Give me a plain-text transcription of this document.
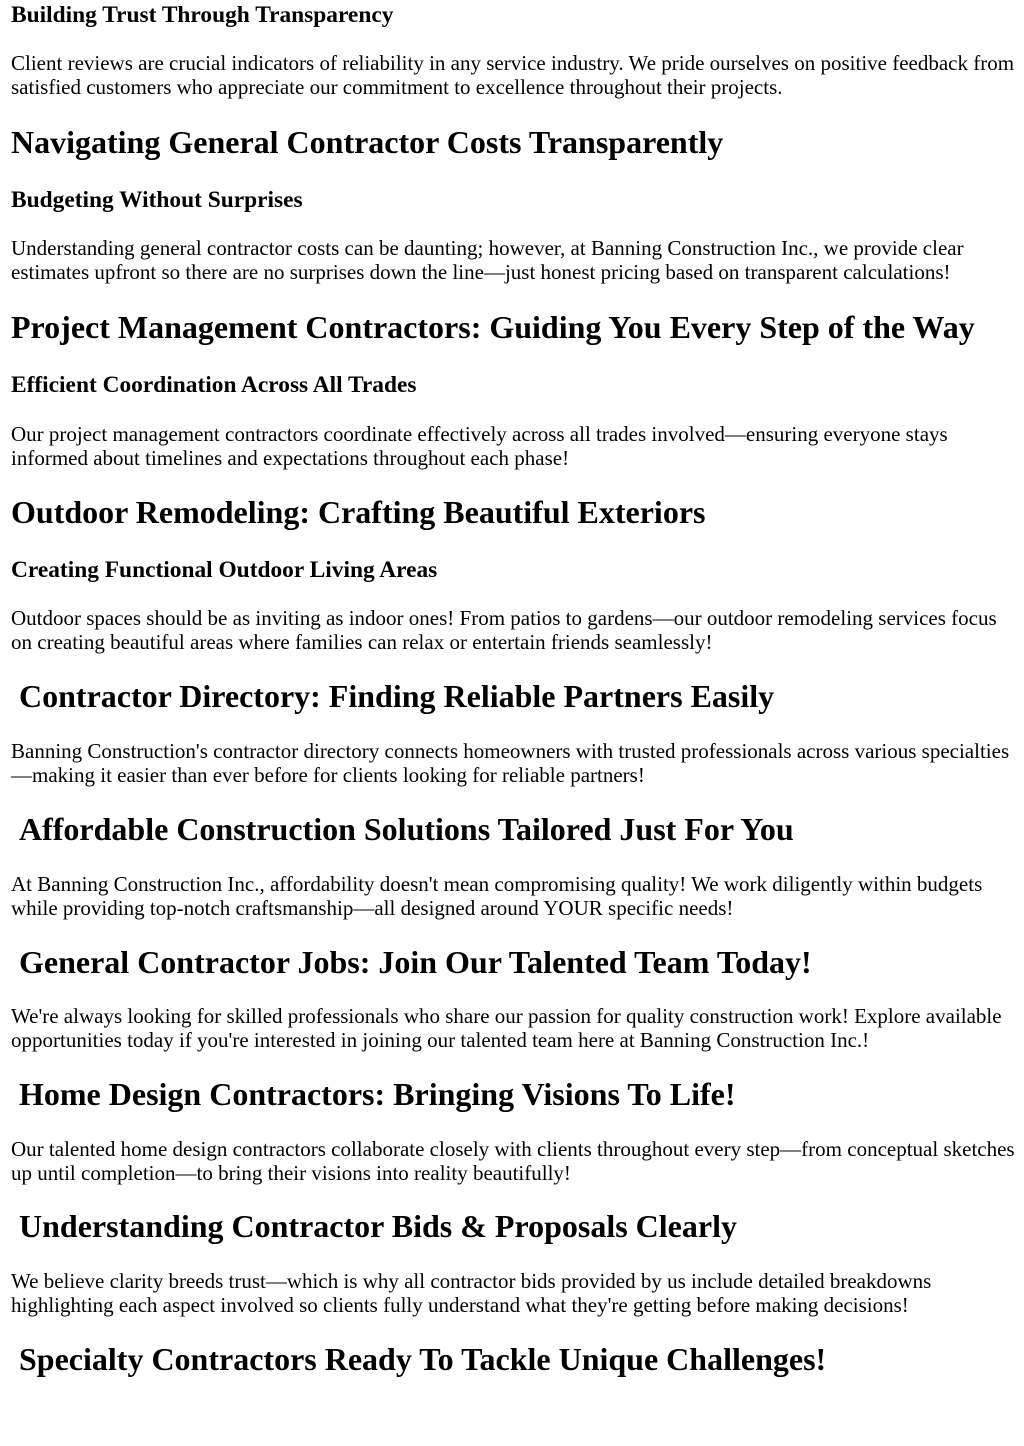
Building Trust Through Transparency

Client reviews are crucial indicators of reliability in any service industry. We pride ourselves on positive feedback from satisfied customers who appreciate our commitment to excellence throughout their projects.

Navigating General Contractor Costs Transparently
Budgeting Without Surprises

Understanding general contractor costs can be daunting; however, at Banning Construction Inc., we provide clear estimates upfront so there are no surprises down the line—just honest pricing based on transparent calculations!

Project Management Contractors: Guiding You Every Step of the Way
Efficient Coordination Across All Trades

Our project management contractors coordinate effectively across all trades involved—ensuring everyone stays informed about timelines and expectations throughout each phase!

Outdoor Remodeling: Crafting Beautiful Exteriors
Creating Functional Outdoor Living Areas

Outdoor spaces should be as inviting as indoor ones! From patios to gardens—our outdoor remodeling services focus on creating beautiful areas where families can relax or entertain friends seamlessly!

Contractor Directory: Finding Reliable Partners Easily

Banning Construction's contractor directory connects homeowners with trusted professionals across various specialties—making it easier than ever before for clients looking for reliable partners!

Affordable Construction Solutions Tailored Just For You

At Banning Construction Inc., affordability doesn't mean compromising quality! We work diligently within budgets while providing top-notch craftsmanship—all designed around YOUR specific needs!

General Contractor Jobs: Join Our Talented Team Today!

We're always looking for skilled professionals who share our passion for quality construction work! Explore available opportunities today if you're interested in joining our talented team here at Banning Construction Inc.!

Home Design Contractors: Bringing Visions To Life!

Our talented home design contractors collaborate closely with clients throughout every step—from conceptual sketches up until completion—to bring their visions into reality beautifully!

Understanding Contractor Bids & Proposals Clearly

We believe clarity breeds trust—which is why all contractor bids provided by us include detailed breakdowns highlighting each aspect involved so clients fully understand what they're getting before making decisions!

Specialty Contractors Ready To Tackle Unique Challenges!
